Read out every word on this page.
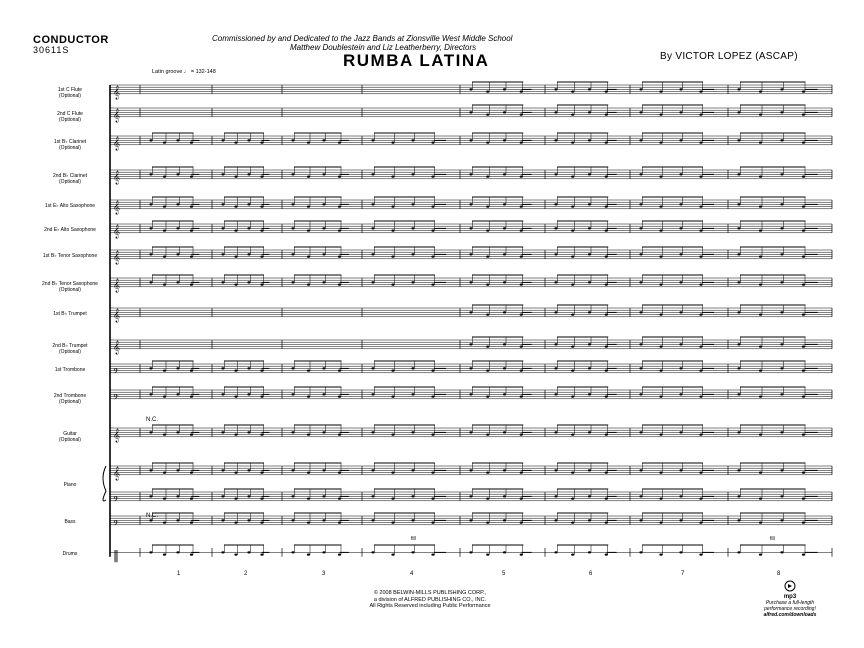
CONDUCTOR
30611S
Commissioned by and Dedicated to the Jazz Bands at Zionsville West Middle School
Matthew Doublestein and Liz Leatherberry, Directors
RUMBA LATINA	By VICTOR LOPEZ (ASCAP)
Latin groove ♩ = 132-148
1st C Flute
(Optional)
2nd C Flute
(Optional)
1st B♭ Clarinet
(Optional)
2nd B♭ Clarinet
(Optional)
1st E♭ Alto Saxophone
2nd E♭ Alto Saxophone
1st B♭ Tenor Saxophone
2nd B♭ Tenor Saxophone
(Optional)
1st B♭ Trumpet
2nd B♭ Trumpet
(Optional)
1st Trombone
2nd Trombone
(Optional)
Guitar
(Optional)
Piano
Bass
Drums
𝄞
𝄞
𝄞
𝄞
𝄞
𝄞
𝄞
𝄞
𝄞
𝄞
𝄢
𝄢
𝄞
𝄞
𝄢
𝄢
‖
N.C.
N.C.
fill	fill
1	2	3	4	5	6	7	8
© 2008 BELWIN-MILLS PUBLISHING CORP.,
a division of ALFRED PUBLISHING CO., INC.
All Rights Reserved including Public Performance
mp3
Purchase a full-length
performance recording!
alfred.com/downloads
